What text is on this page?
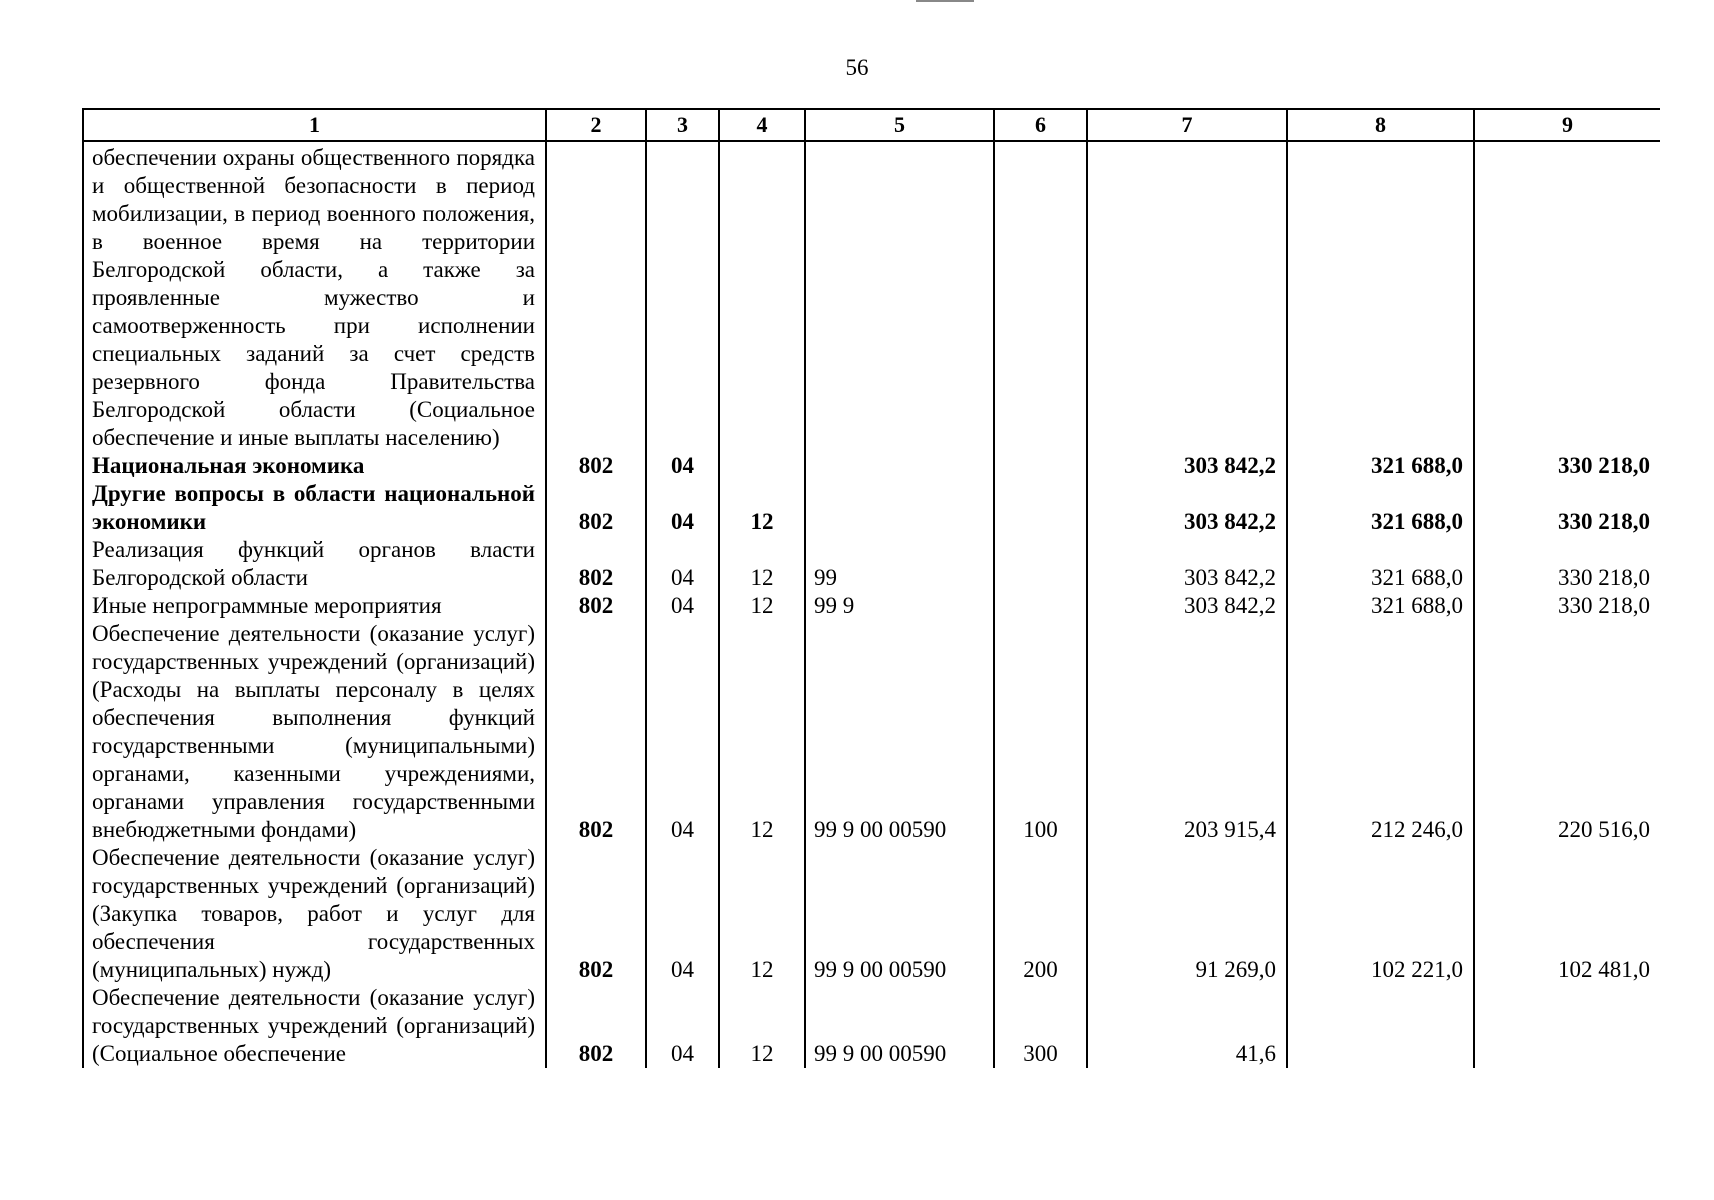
56
1	2	3	4	5	6	7	8	9
обеспечении охраны общественного порядка и общественной безопасности в период мобилизации, в период военного положения, в военное время на территории Белгородской области, а также за проявленные мужество и самоотверженность при исполнении специальных заданий за счет средств резервного фонда Правительства Белгородской области (Социальное обеспечение и иные выплаты населению)								
Национальная экономика	802	04				303 842,2	321 688,0	330 218,0
Другие вопросы в области национальной экономики	802	04	12			303 842,2	321 688,0	330 218,0
Реализация функций органов власти Белгородской области	802	04	12	99		303 842,2	321 688,0	330 218,0
Иные непрограммные мероприятия	802	04	12	99 9		303 842,2	321 688,0	330 218,0
Обеспечение деятельности (оказание услуг) государственных учреждений (организаций) (Расходы на выплаты персоналу в целях обеспечения выполнения функций государственными (муниципальными) органами, казенными учреждениями, органами управления государственными внебюджетными фондами)	802	04	12	99 9 00 00590	100	203 915,4	212 246,0	220 516,0
Обеспечение деятельности (оказание услуг) государственных учреждений (организаций) (Закупка товаров, работ и услуг для обеспечения государственных (муниципальных) нужд)	802	04	12	99 9 00 00590	200	91 269,0	102 221,0	102 481,0
Обеспечение деятельности (оказание услуг) государственных учреждений (организаций) (Социальное обеспечение	802	04	12	99 9 00 00590	300	41,6		
